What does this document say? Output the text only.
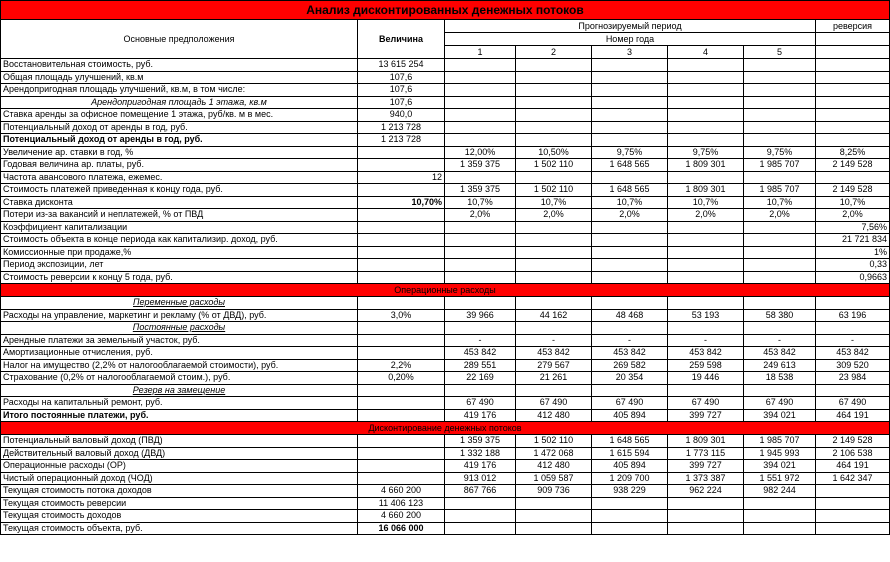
Анализ дисконтированных денежных потоков							
Основные предположения	Величина	Прогнозируемый период					реверсия
		Номер года					
		1	2	3	4	5	
Восстановительная стоимость, руб.	13 615 254						
Общая площадь улучшений, кв.м	107,6						
Арендопригодная площадь улучшений, кв.м, в том числе:	107,6						
Арендопригодная площадь 1 этажа, кв.м	107,6						
Ставка аренды за офисное помещение 1 этажа, руб/кв. м в мес.	940,0						
Потенциальный доход от аренды в год, руб.	1 213 728						
Потенциальный доход от аренды в год, руб.	1 213 728						
Увеличение ар. ставки в год, %		12,00%	10,50%	9,75%	9,75%	9,75%	8,25%
Годовая величина ар. платы, руб.		1 359 375	1 502 110	1 648 565	1 809 301	1 985 707	2 149 528
Частота авансового платежа, ежемес.	12						
Стоимость платежей приведенная к концу года, руб.		1 359 375	1 502 110	1 648 565	1 809 301	1 985 707	2 149 528
Ставка дисконта	10,70%	10,7%	10,7%	10,7%	10,7%	10,7%	10,7%
Потери из-за вакансий и неплатежей, % от ПВД		2,0%	2,0%	2,0%	2,0%	2,0%	2,0%
Коэффициент капитализации							7,56%
Стоимость объекта в конце периода как капитализир. доход, руб.							21 721 834
Комиссионные при продаже,%							1%
Период экспозиции, лет							0,33
Стоимость реверсии к концу 5 года, руб.							0,9663
Операционные расходы							
Переменные расходы							
Расходы на управление, маркетинг и рекламу (% от ДВД), руб.	3,0%	39 966	44 162	48 468	53 193	58 380	63 196
Постоянные расходы							
Арендные платежи за земельный участок, руб.		-	-	-	-	-	-
Амортизационные отчисления, руб.		453 842	453 842	453 842	453 842	453 842	453 842
Налог на имущество (2,2% от налогооблагаемой стоимости), руб.	2,2%	289 551	279 567	269 582	259 598	249 613	309 520
Страхование (0,2% от налогооблагаемой стоим.), руб.	0,20%	22 169	21 261	20 354	19 446	18 538	23 984
Резерв на замещение							
Расходы на капитальный ремонт, руб.		67 490	67 490	67 490	67 490	67 490	67 490
Итого постоянные платежи, руб.		419 176	412 480	405 894	399 727	394 021	464 191
Дисконтирование денежных потоков							
Потенциальный валовый доход (ПВД)		1 359 375	1 502 110	1 648 565	1 809 301	1 985 707	2 149 528
Действительный валовый доход (ДВД)		1 332 188	1 472 068	1 615 594	1 773 115	1 945 993	2 106 538
Операционные расходы (ОР)		419 176	412 480	405 894	399 727	394 021	464 191
Чистый операционный доход (ЧОД)		913 012	1 059 587	1 209 700	1 373 387	1 551 972	1 642 347
Текущая стоимость потока доходов	4 660 200	867 766	909 736	938 229	962 224	982 244	
Текущая стоимость реверсии	11 406 123						
Текущая стоимость доходов	4 660 200						
Текущая стоимость объекта, руб.	16 066 000						
